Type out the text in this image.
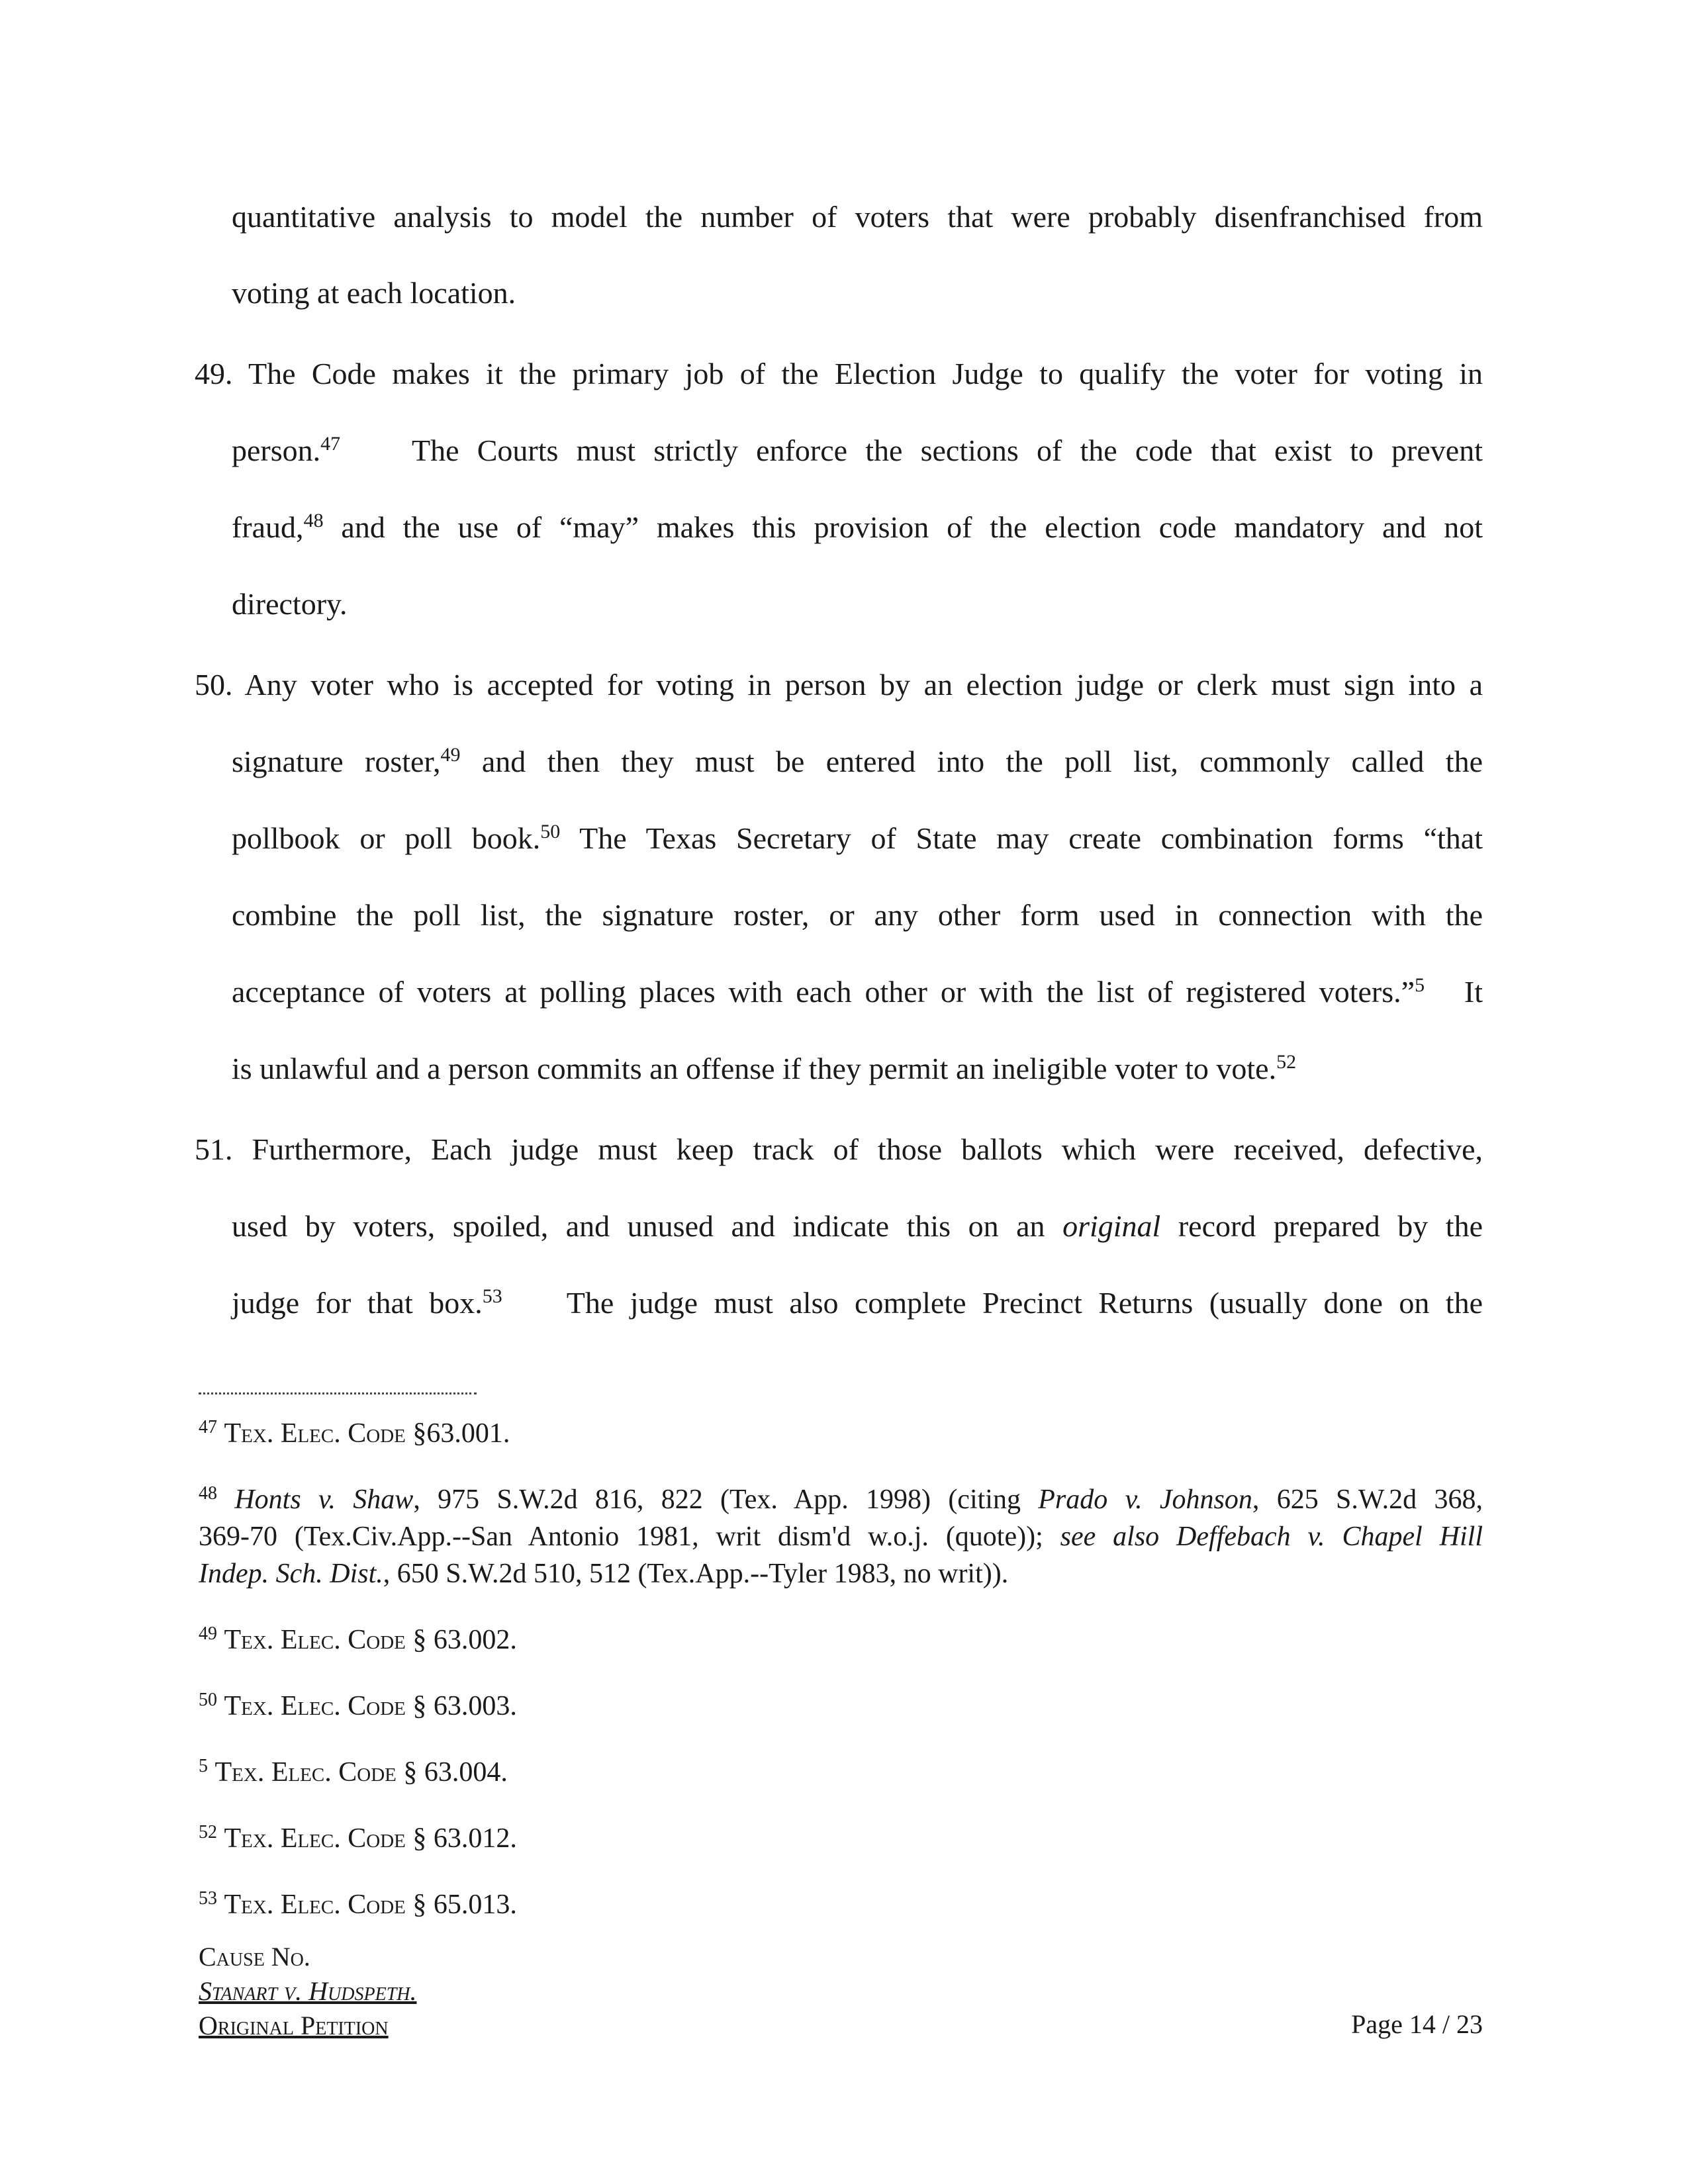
quantitative analysis to model the number of voters that were probably disenfranchised from
voting at each location.
49. The Code makes it the primary job of the Election Judge to qualify the voter for voting in
person.$^{47}$ The Courts must strictly enforce the sections of the code that exist to prevent
fraud,$^{48}$ and the use of “may” makes this provision of the election code mandatory and not
directory.
50. Any voter who is accepted for voting in person by an election judge or clerk must sign into a
signature roster,$^{49}$ and then they must be entered into the poll list, commonly called the
pollbook or poll book.$^{50}$ The Texas Secretary of State may create combination forms “that
combine the poll list, the signature roster, or any other form used in connection with the
acceptance of voters at polling places with each other or with the list of registered voters.”$^5$ It
is unlawful and a person commits an offense if they permit an ineligible voter to vote.$^{52}$
51. Furthermore, Each judge must keep track of those ballots which were received, defective,
used by voters, spoiled, and unused and indicate this on an original record prepared by the
judge for that box.$^{53}$ The judge must also complete Precinct Returns (usually done on the
$^{47}$ Tex. Elec. Code §63.001.
$^{48}$ Honts v. Shaw, 975 S.W.2d 816, 822 (Tex. App. 1998) (citing Prado v. Johnson, 625 S.W.2d 368,
369-70 (Tex.Civ.App.--San Antonio 1981, writ dism'd w.o.j. (quote)); see also Deffebach v. Chapel Hill
Indep. Sch. Dist., 650 S.W.2d 510, 512 (Tex.App.--Tyler 1983, no writ)).
$^{49}$ Tex. Elec. Code § 63.002.
$^{50}$ Tex. Elec. Code § 63.003.
$^5$ Tex. Elec. Code § 63.004.
$^{52}$ Tex. Elec. Code § 63.012.
$^{53}$ Tex. Elec. Code § 65.013.
Cause No.
Stanart v. Hudspeth.
Original Petition	Page 14 / 23
